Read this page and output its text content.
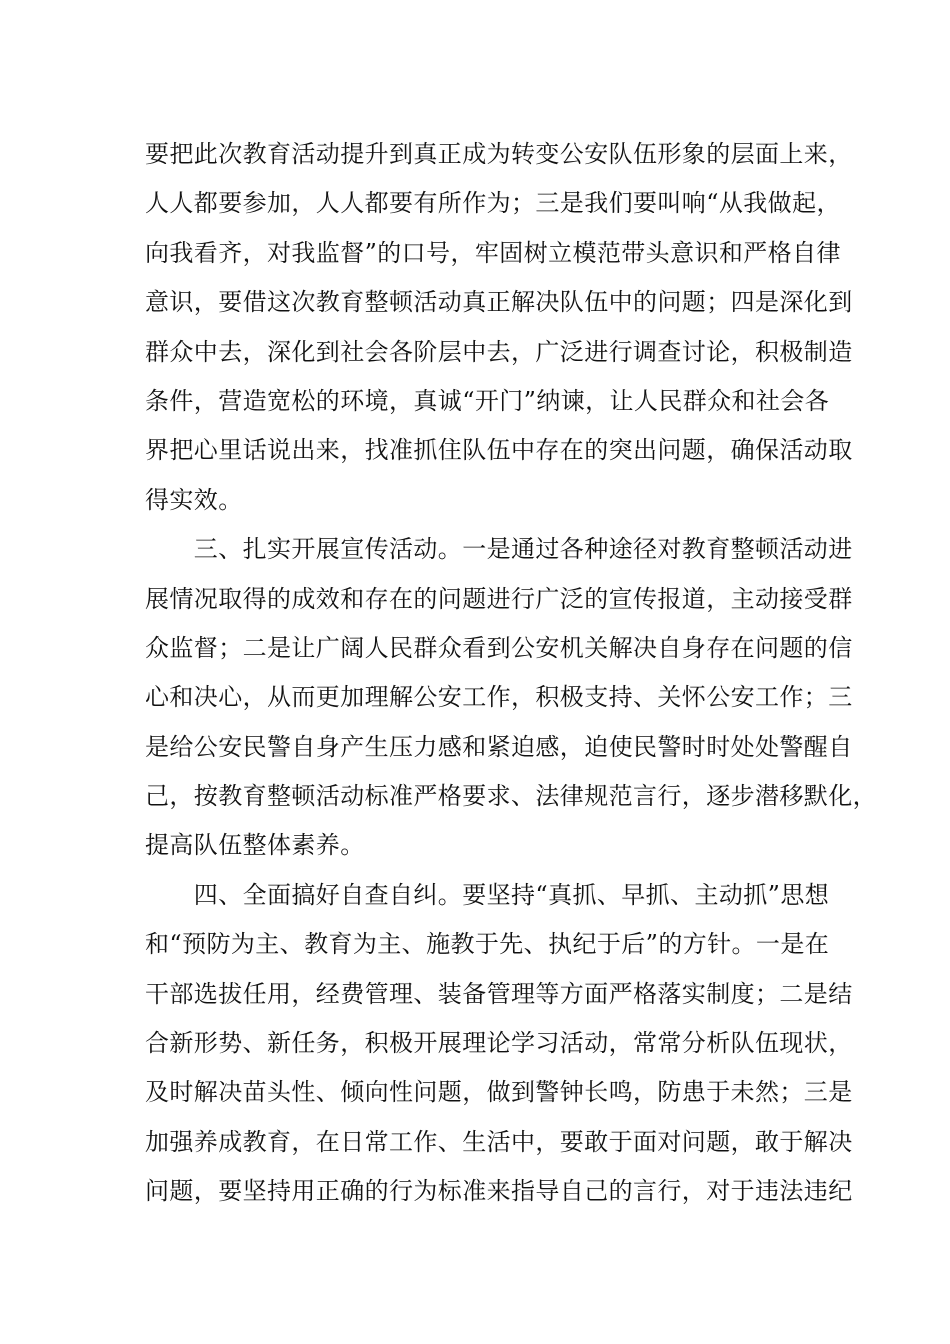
要把此次教育活动提升到真正成为转变公安队伍形象的层面上来，
人人都要参加，人人都要有所作为；三是我们要叫响“从我做起，
向我看齐，对我监督”的口号，牢固树立模范带头意识和严格自律
意识，要借这次教育整顿活动真正解决队伍中的问题；四是深化到
群众中去，深化到社会各阶层中去，广泛进行调查讨论，积极制造
条件，营造宽松的环境，真诚“开门”纳谏，让人民群众和社会各
界把心里话说出来，找准抓住队伍中存在的突出问题，确保活动取
得实效。
　　三、扎实开展宣传活动。一是通过各种途径对教育整顿活动进
展情况取得的成效和存在的问题进行广泛的宣传报道，主动接受群
众监督；二是让广阔人民群众看到公安机关解决自身存在问题的信
心和决心，从而更加理解公安工作，积极支持、关怀公安工作；三
是给公安民警自身产生压力感和紧迫感，迫使民警时时处处警醒自
己，按教育整顿活动标准严格要求、法律规范言行，逐步潜移默化，
提高队伍整体素养。
　　四、全面搞好自查自纠。要坚持“真抓、早抓、主动抓”思想
和“预防为主、教育为主、施教于先、执纪于后”的方针。一是在
干部选拔任用，经费管理、装备管理等方面严格落实制度；二是结
合新形势、新任务，积极开展理论学习活动，常常分析队伍现状，
及时解决苗头性、倾向性问题，做到警钟长鸣，防患于未然；三是
加强养成教育，在日常工作、生活中，要敢于面对问题，敢于解决
问题，要坚持用正确的行为标准来指导自己的言行，对于违法违纪
